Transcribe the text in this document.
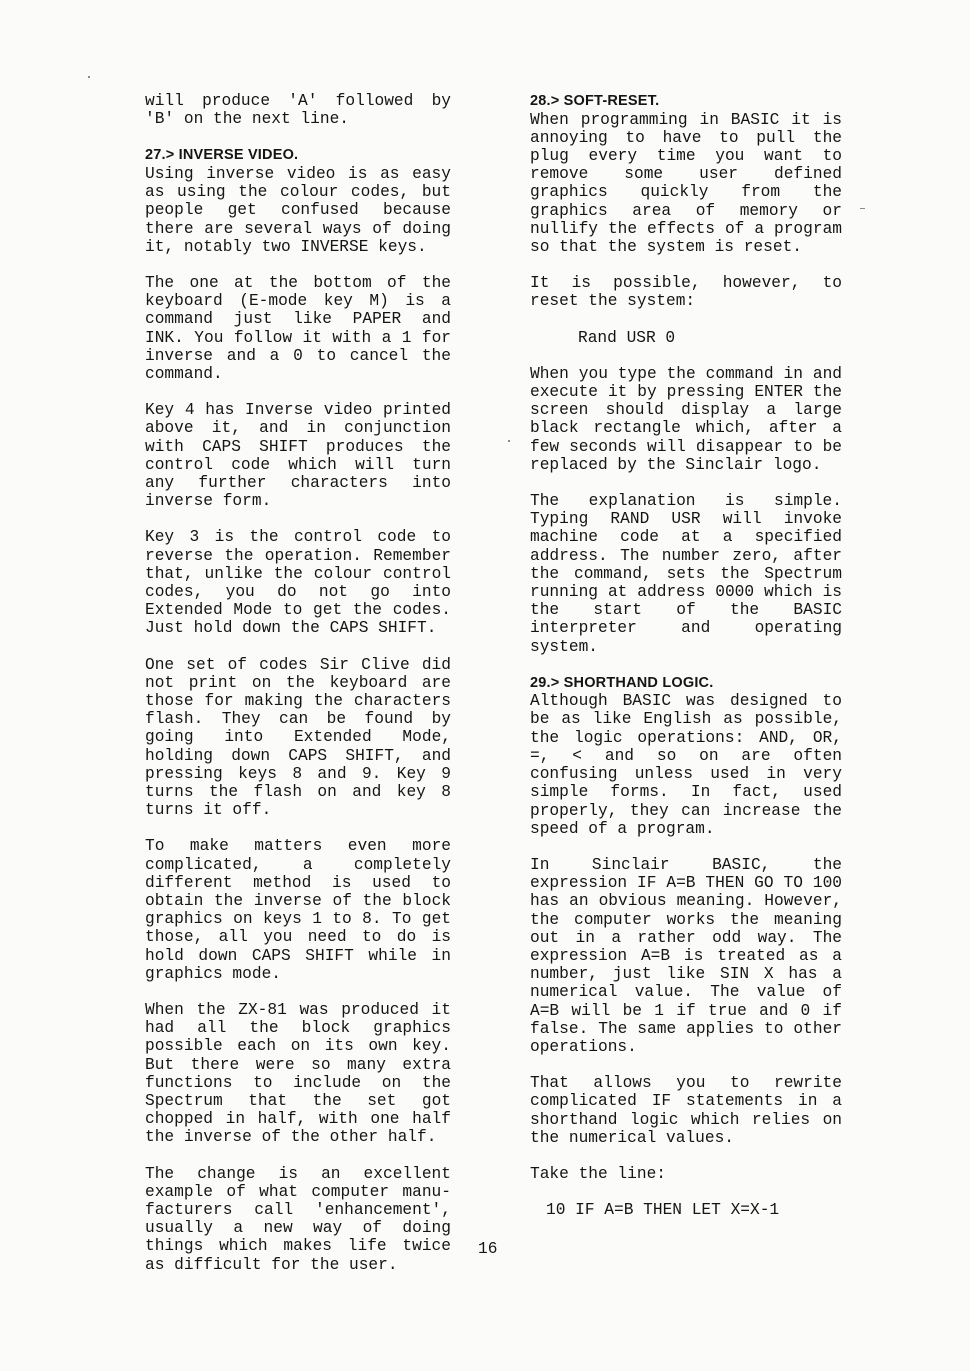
will produce 'A' followed by 'B' on the next line.

27.> INVERSE VIDEO.

Using inverse video is as easy as using the colour codes, but people get confused because there are several ways of doing it, notably two INVERSE keys.

The one at the bottom of the keyboard (E-mode key M) is a command just like PAPER and INK. You follow it with a 1 for inverse and a 0 to cancel the command.

Key 4 has Inverse video printed above it, and in conjunction with CAPS SHIFT produces the control code which will turn any further characters into inverse form.

Key 3 is the control code to reverse the operation. Remember that, unlike the colour control codes, you do not go into Extended Mode to get the codes. Just hold down the CAPS SHIFT.

One set of codes Sir Clive did not print on the keyboard are those for making the characters flash. They can be found by going into Extended Mode, holding down CAPS SHIFT, and pressing keys 8 and 9. Key 9 turns the flash on and key 8 turns it off.

To make matters even more complicated, a completely different method is used to obtain the inverse of the block graphics on keys 1 to 8. To get those, all you need to do is hold down CAPS SHIFT while in graphics mode.

When the ZX-81 was produced it had all the block graphics possible each on its own key. But there were so many extra functions to include on the Spectrum that the set got chopped in half, with one half the inverse of the other half.

The change is an excellent example of what computer manu-facturers call 'enhancement', usually a new way of doing things which makes life twice as difficult for the user.

28.> SOFT-RESET.

When programming in BASIC it is annoying to have to pull the plug every time you want to remove some user defined graphics quickly from the graphics area of memory or nullify the effects of a program so that the system is reset.

It is possible, however, to reset the system:

Rand USR 0

When you type the command in and execute it by pressing ENTER the screen should display a large black rectangle which, after a few seconds will disappear to be replaced by the Sinclair logo.

The explanation is simple. Typing RAND USR will invoke machine code at a specified address. The number zero, after the command, sets the Spectrum running at address 0000 which is the start of the BASIC interpreter and operating system.

29.> SHORTHAND LOGIC.

Although BASIC was designed to be as like English as possible, the logic operations: AND, OR, =, < and so on are often confusing unless used in very simple forms. In fact, used properly, they can increase the speed of a program.

In Sinclair BASIC, the expression IF A=B THEN GO TO 100 has an obvious meaning. However, the computer works the meaning out in a rather odd way. The expression A=B is treated as a number, just like SIN X has a numerical value. The value of A=B will be 1 if true and 0 if false. The same applies to other operations.

That allows you to rewrite complicated IF statements in a shorthand logic which relies on the numerical values.

Take the line:

10 IF A=B THEN LET X=X-1

16
